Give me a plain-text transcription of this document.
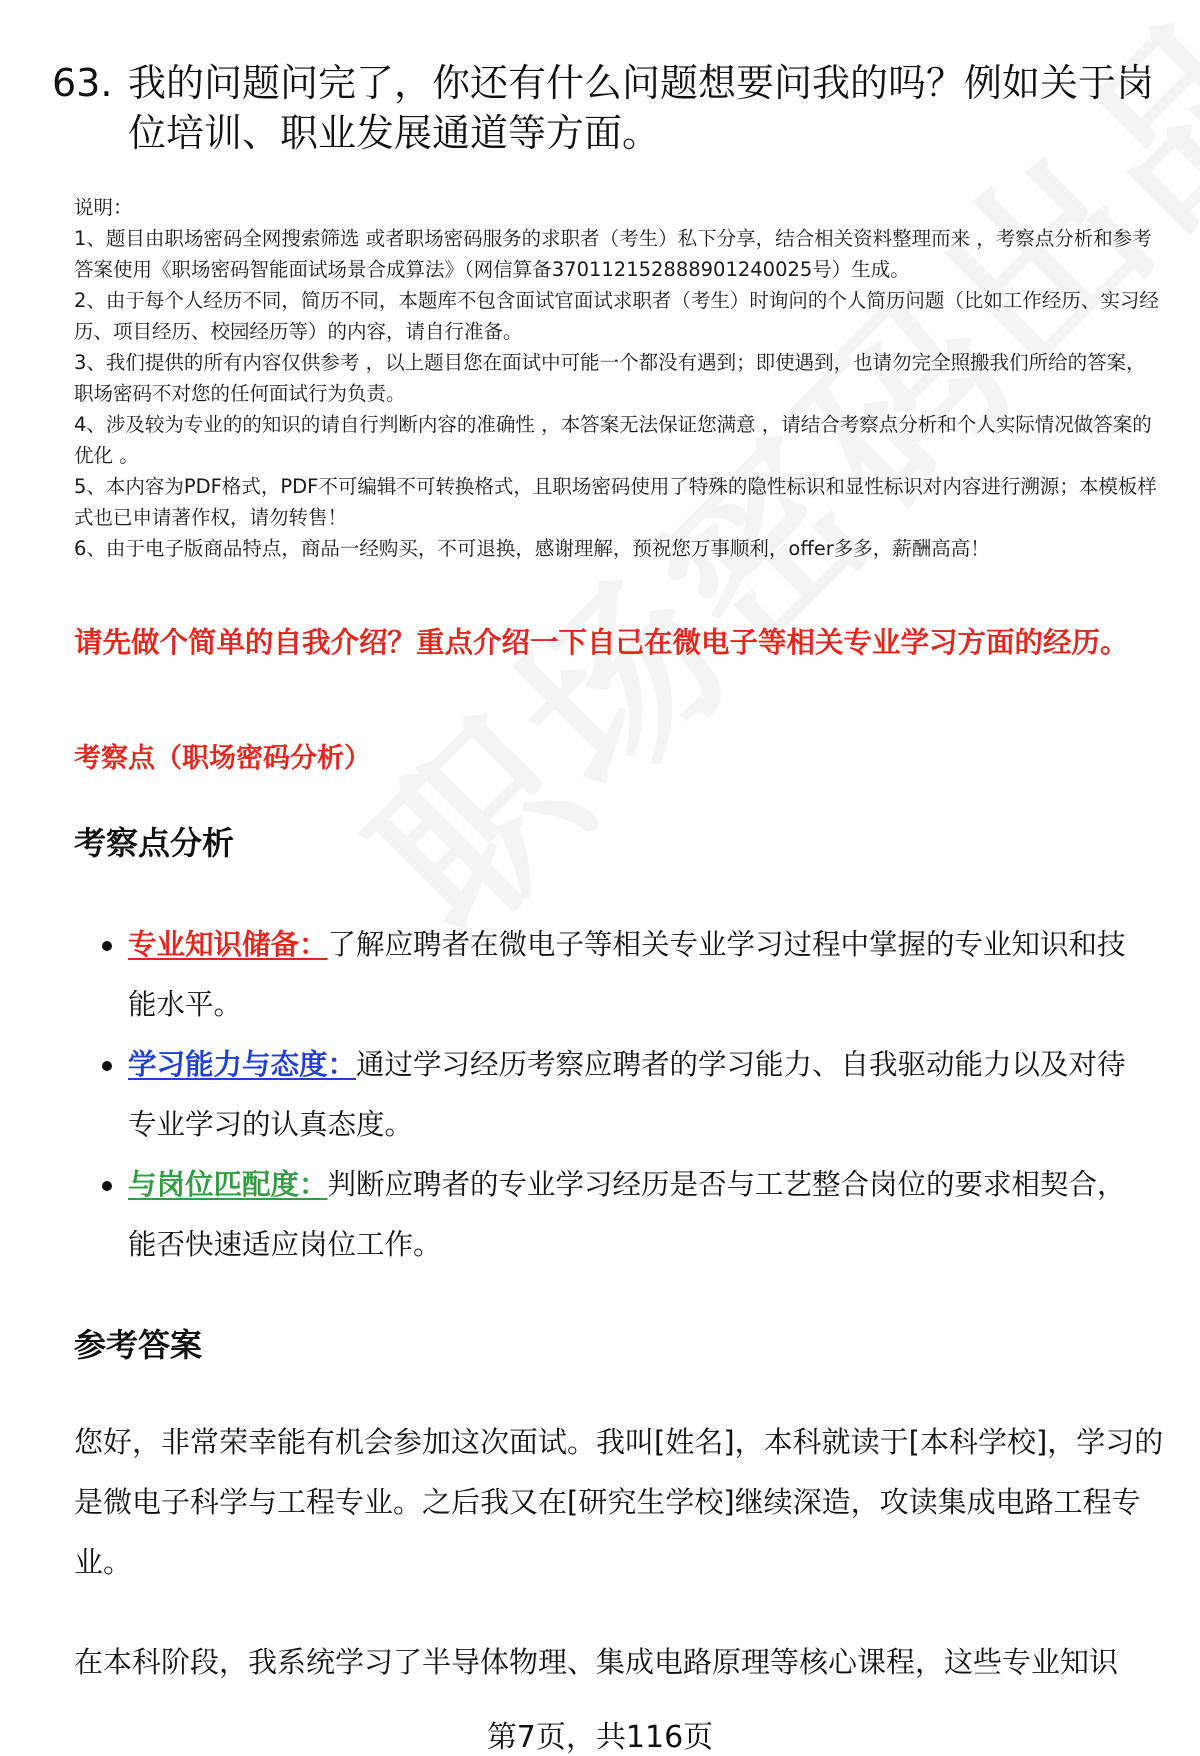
63. 我的问题问完了，你还有什么问题想要问我的吗？例如关于岗位培训、职业发展通道等方面。

说明：

1、题目由职场密码全网搜索筛选 或者职场密码服务的求职者（考生）私下分享，结合相关资料整理而来 ，考察点分析和参考答案使用《职场密码智能面试场景合成算法》（网信算备370112152888901240025号）生成。

2、由于每个人经历不同，简历不同，本题库不包含面试官面试求职者（考生）时询问的个人简历问题（比如工作经历、实习经历、项目经历、校园经历等）的内容，请自行准备。

3、我们提供的所有内容仅供参考 ，以上题目您在面试中可能一个都没有遇到；即使遇到，也请勿完全照搬我们所给的答案，职场密码不对您的任何面试行为负责。

4、涉及较为专业的的知识的请自行判断内容的准确性 ，本答案无法保证您满意 ，请结合考察点分析和个人实际情况做答案的优化 。

5、本内容为PDF格式，PDF不可编辑不可转换格式，且职场密码使用了特殊的隐性标识和显性标识对内容进行溯源；本模板样式也已申请著作权，请勿转售！

6、由于电子版商品特点，商品一经购买，不可退换，感谢理解，预祝您万事顺利，offer多多，薪酬高高！

请先做个简单的自我介绍？重点介绍一下自己在微电子等相关专业学习方面的经历。
考察点（职场密码分析）
考察点分析
专业知识储备：了解应聘者在微电子等相关专业学习过程中掌握的专业知识和技能水平。
学习能力与态度：通过学习经历考察应聘者的学习能力、自我驱动能力以及对待专业学习的认真态度。
与岗位匹配度：判断应聘者的专业学习经历是否与工艺整合岗位的要求相契合，能否快速适应岗位工作。
参考答案

您好，非常荣幸能有机会参加这次面试。我叫[姓名]，本科就读于[本科学校]，学习的是微电子科学与工程专业。之后我又在[研究生学校]继续深造，攻读集成电路工程专业。

在本科阶段，我系统学习了半导体物理、集成电路原理等核心课程，这些专业知识

第7页，共116页
